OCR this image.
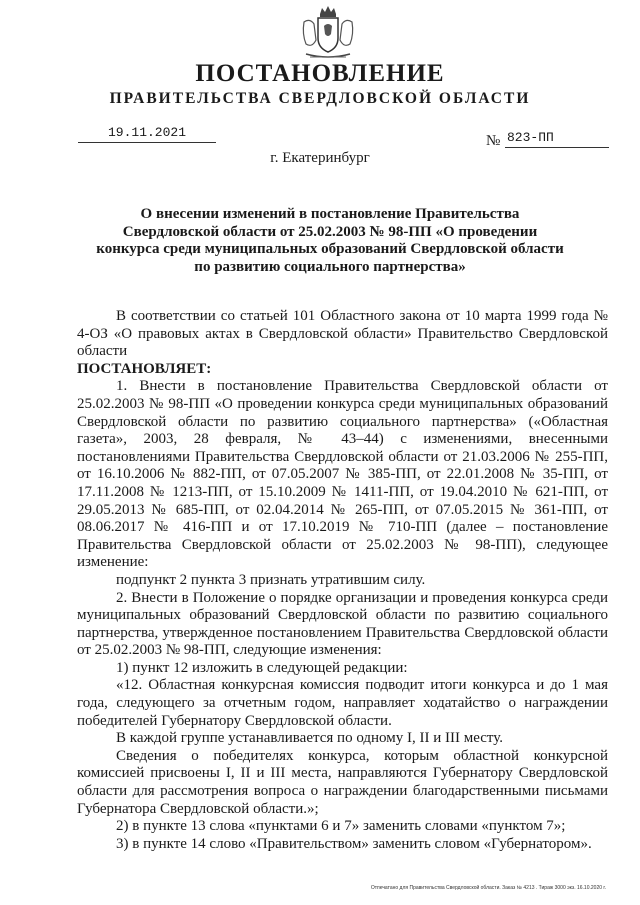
ПОСТАНОВЛЕНИЕ
ПРАВИТЕЛЬСТВА СВЕРДЛОВСКОЙ ОБЛАСТИ
19.11.2021
№ 823-ПП
г. Екатеринбург
О внесении изменений в постановление Правительства Свердловской области от 25.02.2003 № 98-ПП «О проведении конкурса среди муниципальных образований Свердловской области по развитию социального партнерства»

В соответствии со статьей 101 Областного закона от 10 марта 1999 года № 4-ОЗ «О правовых актах в Свердловской области» Правительство Свердловской области

ПОСТАНОВЛЯЕТ:

1. Внести в постановление Правительства Свердловской области от 25.02.2003 № 98-ПП «О проведении конкурса среди муниципальных образований Свердловской области по развитию социального партнерства» («Областная газета», 2003, 28 февраля, № 43–44) с изменениями, внесенными постановлениями Правительства Свердловской области от 21.03.2006 № 255-ПП, от 16.10.2006 № 882-ПП, от 07.05.2007 № 385-ПП, от 22.01.2008 № 35-ПП, от 17.11.2008 № 1213-ПП, от 15.10.2009 № 1411-ПП, от 19.04.2010 № 621-ПП, от 29.05.2013 № 685-ПП, от 02.04.2014 № 265-ПП, от 07.05.2015 № 361-ПП, от 08.06.2017 № 416-ПП и от 17.10.2019 № 710-ПП (далее – постановление Правительства Свердловской области от 25.02.2003 № 98-ПП), следующее изменение:

подпункт 2 пункта 3 признать утратившим силу.

2. Внести в Положение о порядке организации и проведения конкурса среди муниципальных образований Свердловской области по развитию социального партнерства, утвержденное постановлением Правительства Свердловской области от 25.02.2003 № 98-ПП, следующие изменения:

1) пункт 12 изложить в следующей редакции:

«12. Областная конкурсная комиссия подводит итоги конкурса и до 1 мая года, следующего за отчетным годом, направляет ходатайство о награждении победителей Губернатору Свердловской области.

В каждой группе устанавливается по одному I, II и III месту.

Сведения о победителях конкурса, которым областной конкурсной комиссией присвоены I, II и III места, направляются Губернатору Свердловской области для рассмотрения вопроса о награждении благодарственными письмами Губернатора Свердловской области.»;

2) в пункте 13 слова «пунктами 6 и 7» заменить словами «пунктом 7»;

3) в пункте 14 слово «Правительством» заменить словом «Губернатором».

Отпечатано для Правительства Свердловской области. Заказ № 4213 . Тираж 3000 экз. 16.10.2020 г.
